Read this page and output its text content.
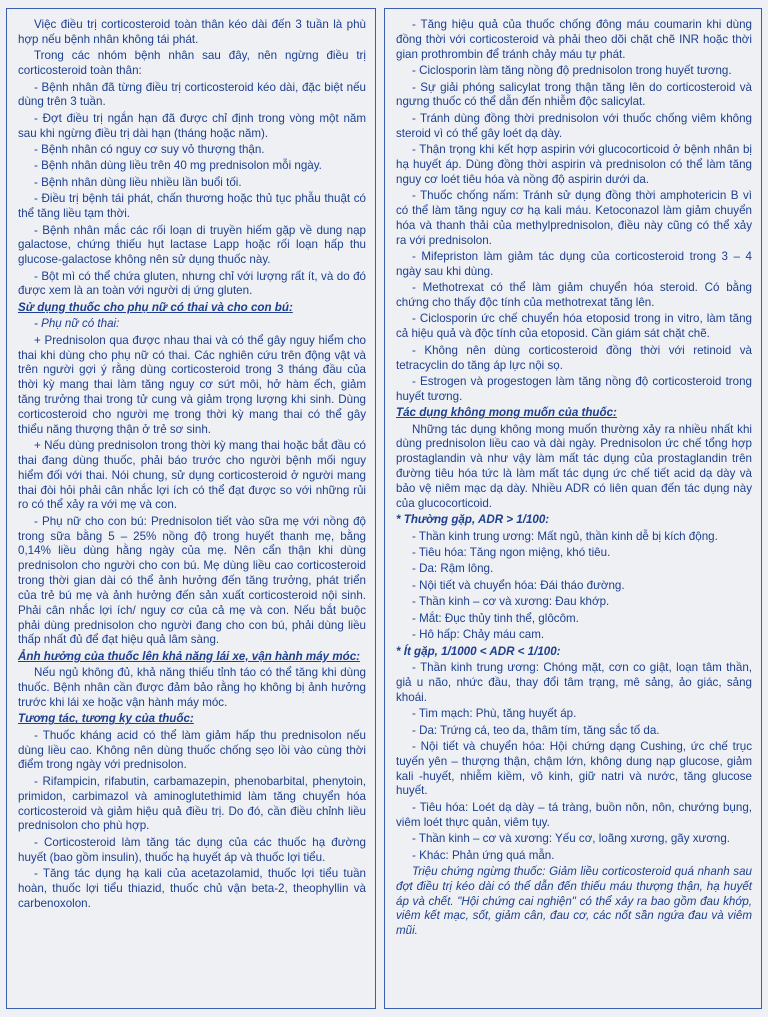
Việc điều trị corticosteroid toàn thân kéo dài đến 3 tuần là phù hợp nếu bệnh nhân không tái phát.

Trong các nhóm bệnh nhân sau đây, nên ngừng điều trị corticosteroid toàn thân:

- Bệnh nhân đã từng điều trị corticosteroid kéo dài, đặc biệt nếu dùng trên 3 tuần.

- Đợt điều trị ngắn hạn đã được chỉ định trong vòng một năm sau khi ngừng điều trị dài hạn (tháng hoặc năm).

- Bệnh nhân có nguy cơ suy vỏ thượng thận.

- Bệnh nhân dùng liều trên 40 mg prednisolon mỗi ngày.

- Bệnh nhân dùng liều nhiều lần buổi tối.

- Điều trị bệnh tái phát, chấn thương hoặc thủ tục phẫu thuật có thể tăng liều tạm thời.

- Bệnh nhân mắc các rối loạn di truyền hiếm gặp về dung nạp galactose, chứng thiếu hụt lactase Lapp hoặc rối loạn hấp thu glucose-galactose không nên sử dụng thuốc này.

- Bột mì có thể chứa gluten, nhưng chỉ với lượng rất ít, và do đó được xem là an toàn với người dị ứng gluten.

Sử dụng thuốc cho phụ nữ có thai và cho con bú:

- Phụ nữ có thai:

+ Prednisolon qua được nhau thai và có thể gây nguy hiểm cho thai khi dùng cho phụ nữ có thai. Các nghiên cứu trên động vật và trên người gợi ý rằng dùng corticosteroid trong 3 tháng đầu của thời kỳ mang thai làm tăng nguy cơ sứt môi, hở hàm ếch, giảm tăng trưởng thai trong tử cung và giảm trọng lượng khi sinh. Dùng corticosteroid cho người mẹ trong thời kỳ mang thai có thể gây thiểu năng thượng thận ở trẻ sơ sinh.

+ Nếu dùng prednisolon trong thời kỳ mang thai hoặc bắt đầu có thai đang dùng thuốc, phải báo trước cho người bệnh mối nguy hiểm đối với thai. Nói chung, sử dụng corticosteroid ở người mang thai đòi hỏi phải cân nhắc lợi ích có thể đạt được so với những rủi ro có thể xảy ra với mẹ và con.

- Phụ nữ cho con bú: Prednisolon tiết vào sữa mẹ với nồng độ trong sữa bằng 5 – 25% nồng độ trong huyết thanh mẹ, bằng 0,14% liều dùng hằng ngày của mẹ. Nên cẩn thận khi dùng prednisolon cho người cho con bú. Mẹ dùng liều cao corticosteroid trong thời gian dài có thể ảnh hưởng đến tăng trưởng, phát triển của trẻ bú mẹ và ảnh hưởng đến sản xuất corticosteroid nội sinh. Phải cân nhắc lợi ích/ nguy cơ của cả mẹ và con. Nếu bắt buộc phải dùng prednisolon cho người đang cho con bú, phải dùng liều thấp nhất đủ để đạt hiệu quả lâm sàng.

Ảnh hưởng của thuốc lên khả năng lái xe, vận hành máy móc:

Nếu ngủ không đủ, khả năng thiếu tỉnh táo có thể tăng khi dùng thuốc. Bệnh nhân cần được đảm bảo rằng họ không bị ảnh hưởng trước khi lái xe hoặc vận hành máy móc.

Tương tác, tương kỵ của thuốc:

- Thuốc kháng acid có thể làm giảm hấp thu prednisolon nếu dùng liều cao. Không nên dùng thuốc chống sẹo lồi vào cùng thời điểm trong ngày với prednisolon.

- Rifampicin, rifabutin, carbamazepin, phenobarbital, phenytoin, primidon, carbimazol và aminoglutethimid làm tăng chuyển hóa corticosteroid và giảm hiệu quả điều trị. Do đó, cần điều chỉnh liều prednisolon cho phù hợp.

- Corticosteroid làm tăng tác dụng của các thuốc hạ đường huyết (bao gồm insulin), thuốc hạ huyết áp và thuốc lợi tiểu.

- Tăng tác dụng hạ kali của acetazolamid, thuốc lợi tiểu tuần hoàn, thuốc lợi tiểu thiazid, thuốc chủ vận beta-2, theophyllin và carbenoxolon.

- Tăng hiệu quả của thuốc chống đông máu coumarin khi dùng đồng thời với corticosteroid và phải theo dõi chặt chẽ INR hoặc thời gian prothrombin để tránh chảy máu tự phát.

- Ciclosporin làm tăng nồng độ prednisolon trong huyết tương.

- Sự giải phóng salicylat trong thận tăng lên do corticosteroid và ngưng thuốc có thể dẫn đến nhiễm độc salicylat.

- Tránh dùng đồng thời prednisolon với thuốc chống viêm không steroid vì có thể gây loét dạ dày.

- Thận trọng khi kết hợp aspirin với glucocorticoid ở bệnh nhân bị hạ huyết áp. Dùng đồng thời aspirin và prednisolon có thể làm tăng nguy cơ loét tiêu hóa và nồng độ aspirin dưới da.

- Thuốc chống nấm: Tránh sử dụng đồng thời amphotericin B vì có thể làm tăng nguy cơ hạ kali máu. Ketoconazol làm giảm chuyển hóa và thanh thải của methylprednisolon, điều này cũng có thể xảy ra với prednisolon.

- Mifepriston làm giảm tác dụng của corticosteroid trong 3 – 4 ngày sau khi dùng.

- Methotrexat có thể làm giảm chuyển hóa steroid. Có bằng chứng cho thấy độc tính của methotrexat tăng lên.

- Ciclosporin ức chế chuyển hóa etoposid trong in vitro, làm tăng cả hiệu quả và độc tính của etoposid. Cần giám sát chặt chẽ.

- Không nên dùng corticosteroid đồng thời với retinoid và tetracyclin do tăng áp lực nội sọ.

- Estrogen và progestogen làm tăng nồng độ corticosteroid trong huyết tương.

Tác dụng không mong muốn của thuốc:

Những tác dụng không mong muốn thường xảy ra nhiều nhất khi dùng prednisolon liều cao và dài ngày. Prednisolon ức chế tổng hợp prostaglandin và như vậy làm mất tác dụng của prostaglandin trên đường tiêu hóa tức là làm mất tác dụng ức chế tiết acid dạ dày và bảo vệ niêm mạc dạ dày. Nhiều ADR có liên quan đến tác dụng này của glucocorticoid.

* Thường gặp, ADR > 1/100:

- Thần kinh trung ương: Mất ngủ, thần kinh dễ bị kích động.

- Tiêu hóa: Tăng ngon miệng, khó tiêu.

- Da: Rậm lông.

- Nội tiết và chuyển hóa: Đái tháo đường.

- Thần kinh – cơ và xương: Đau khớp.

- Mắt: Đục thủy tinh thể, glôcôm.

- Hô hấp: Chảy máu cam.

* Ít gặp, 1/1000 < ADR < 1/100:

- Thần kinh trung ương: Chóng mặt, cơn co giật, loạn tâm thần, giả u não, nhức đầu, thay đổi tâm trạng, mê sảng, ảo giác, sảng khoái.

- Tim mạch: Phù, tăng huyết áp.

- Da: Trứng cá, teo da, thâm tím, tăng sắc tố da.

- Nội tiết và chuyển hóa: Hội chứng dạng Cushing, ức chế trục tuyến yên – thượng thận, chậm lớn, không dung nạp glucose, giảm kali -huyết, nhiễm kiềm, vô kinh, giữ natri và nước, tăng glucose huyết.

- Tiêu hóa: Loét dạ dày – tá tràng, buồn nôn, nôn, chướng bụng, viêm loét thực quản, viêm tụy.

- Thần kinh – cơ và xương: Yếu cơ, loãng xương, gãy xương.

- Khác: Phản ứng quá mẫn.

Triệu chứng ngừng thuốc: Giảm liều corticosteroid quá nhanh sau đợt điều trị kéo dài có thể dẫn đến thiếu máu thượng thận, hạ huyết áp và chết. "Hội chứng cai nghiện" có thể xảy ra bao gồm đau khớp, viêm kết mạc, sốt, giảm cân, đau cơ, các nốt sần ngứa đau và viêm mũi.
